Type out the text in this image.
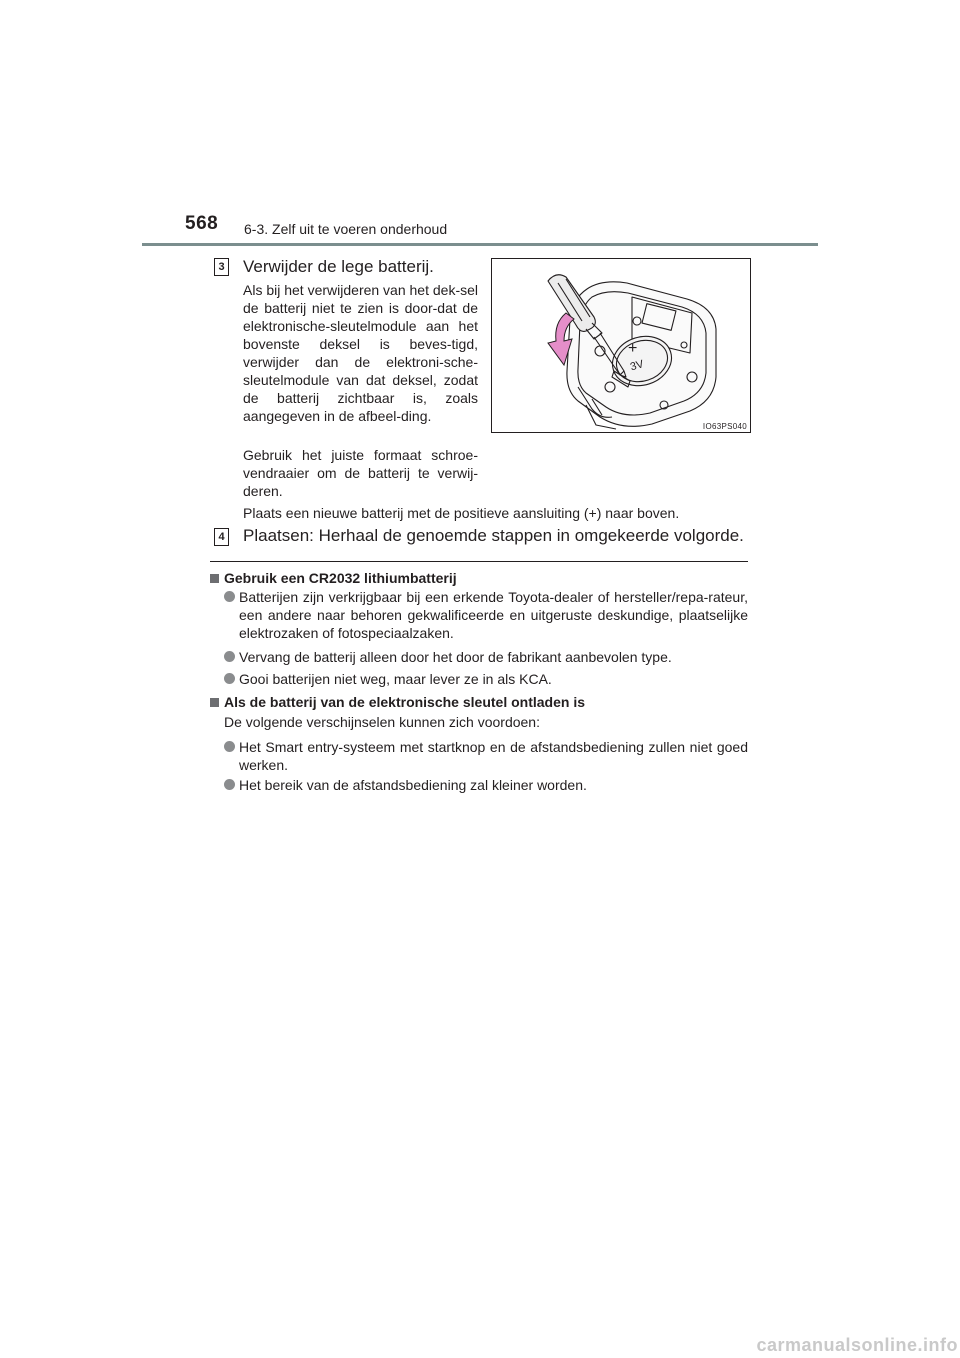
568 6-3. Zelf uit te voeren onderhoud
3 Verwijder de lege batterij.

Als bij het verwijderen van het dek-sel de batterij niet te zien is door-dat de elektronische-sleutelmodule aan het bovenste deksel is beves-tigd, verwijder dan de elektroni-sche-sleutelmodule van dat deksel, zodat de batterij zichtbaar is, zoals aangegeven in de afbeel-ding.

Gebruik het juiste formaat schroe-vendraaier om de batterij te verwij-deren.

+
3V
IO63PS040
Plaats een nieuwe batterij met de positieve aansluiting (+) naar boven.
4 Plaatsen: Herhaal de genoemde stappen in omgekeerde volgorde.
Gebruik een CR2032 lithiumbatterij
Batterijen zijn verkrijgbaar bij een erkende Toyota-dealer of hersteller/repa-rateur, een andere naar behoren gekwalificeerde en uitgeruste deskundige, plaatselijke elektrozaken of fotospeciaalzaken.
Vervang de batterij alleen door het door de fabrikant aanbevolen type.
Gooi batterijen niet weg, maar lever ze in als KCA.
Als de batterij van de elektronische sleutel ontladen is
De volgende verschijnselen kunnen zich voordoen:
Het Smart entry-systeem met startknop en de afstandsbediening zullen niet goed werken.
Het bereik van de afstandsbediening zal kleiner worden.
carmanualsonline.info
